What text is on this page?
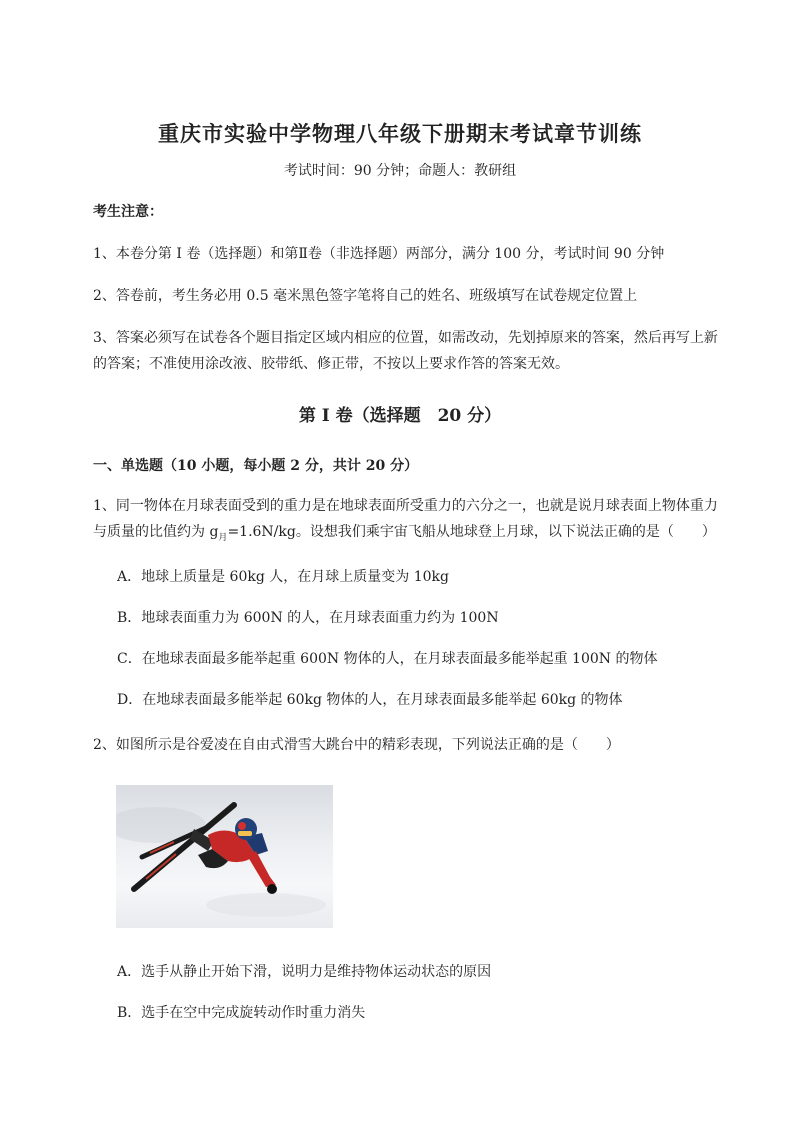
重庆市实验中学物理八年级下册期末考试章节训练
考试时间：90 分钟；命题人：教研组
考生注意：
1、本卷分第 I 卷（选择题）和第Ⅱ卷（非选择题）两部分，满分 100 分，考试时间 90 分钟
2、答卷前，考生务必用 0.5 毫米黑色签字笔将自己的姓名、班级填写在试卷规定位置上
3、答案必须写在试卷各个题目指定区域内相应的位置，如需改动，先划掉原来的答案，然后再写上新
的答案；不准使用涂改液、胶带纸、修正带，不按以上要求作答的答案无效。
第 I 卷（选择题　20 分）
一、单选题（10 小题，每小题 2 分，共计 20 分）
1、同一物体在月球表面受到的重力是在地球表面所受重力的六分之一，也就是说月球表面上物体重力
与质量的比值约为 $g_月=1.6N/kg$。设想我们乘宇宙飞船从地球登上月球，以下说法正确的是（　　）
A．地球上质量是 60kg 人，在月球上质量变为 10kg
B．地球表面重力为 600N 的人，在月球表面重力约为 100N
C．在地球表面最多能举起重 600N 物体的人，在月球表面最多能举起重 100N 的物体
D．在地球表面最多能举起 60kg 物体的人，在月球表面最多能举起 60kg 的物体
2、如图所示是谷爱凌在自由式滑雪大跳台中的精彩表现，下列说法正确的是（　　）
A．选手从静止开始下滑，说明力是维持物体运动状态的原因
B．选手在空中完成旋转动作时重力消失
